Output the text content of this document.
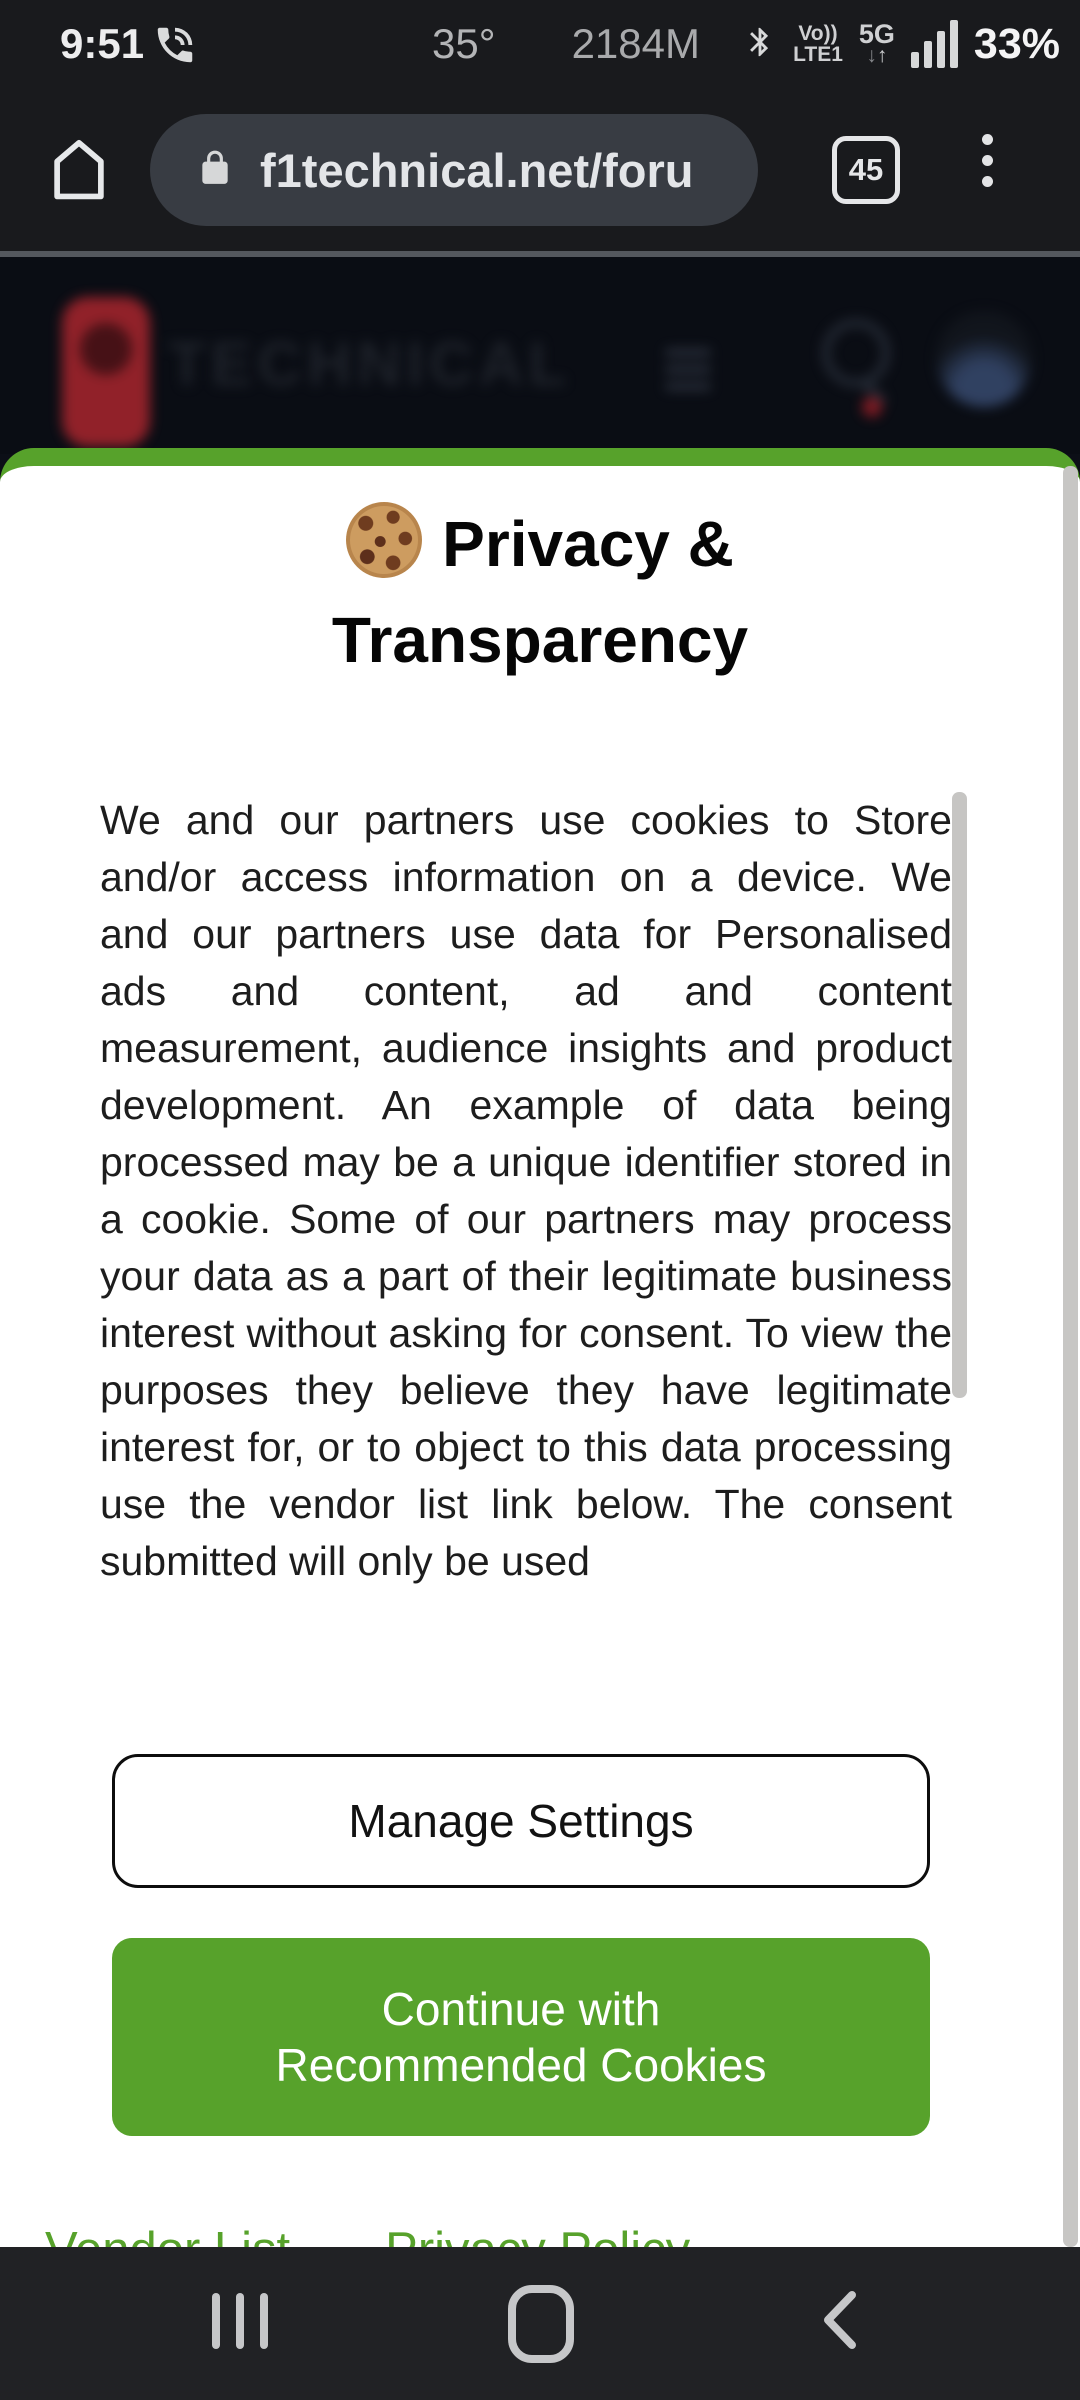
9:51	35° 2184M	Vo))
LTE1
5G
↓↑ 33%
f1technical.net/foru	45
TECHNICAL
Privacy &
Transparency
We and our partners use cookies to Store and/or access information on a device. We and our partners use data for Personalised ads and content, ad and content measurement, audience insights and product development. An example of data being processed may be a unique identifier stored in a cookie. Some of our partners may process your data as a part of their legitimate business interest without asking for consent. To view the purposes they believe they have legitimate interest for, or to object to this data processing use the vendor list link below. The consent submitted will only be used
Manage Settings
Continue with Recommended Cookies
